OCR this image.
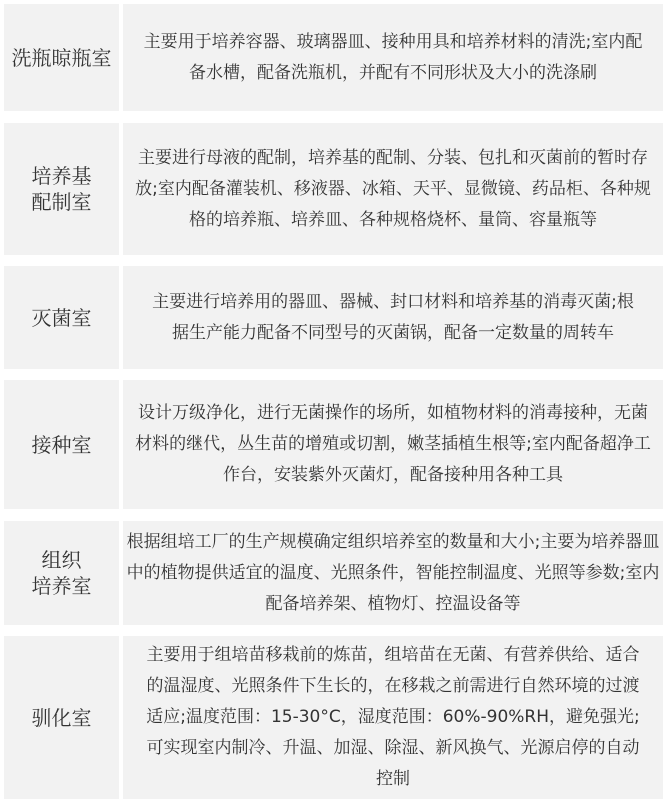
洗瓶晾瓶室
主要用于培养容器、玻璃器皿、接种用具和培养材料的清洗;室内配备水槽，配备洗瓶机，并配有不同形状及大小的洗涤刷
培养基
配制室
主要进行母液的配制，培养基的配制、分装、包扎和灭菌前的暂时存放;室内配备灌装机、移液器、冰箱、天平、显微镜、药品柜、各种规格的培养瓶、培养皿、各种规格烧杯、量筒、容量瓶等
灭菌室
主要进行培养用的器皿、器械、封口材料和培养基的消毒灭菌;根据生产能力配备不同型号的灭菌锅，配备一定数量的周转车
接种室
设计万级净化，进行无菌操作的场所，如植物材料的消毒接种，无菌材料的继代，丛生苗的增殖或切割，嫩茎插植生根等;室内配备超净工作台，安装紫外灭菌灯，配备接种用各种工具
组织
培养室
根据组培工厂的生产规模确定组织培养室的数量和大小;主要为培养器皿中的植物提供适宜的温度、光照条件，智能控制温度、光照等参数;室内配备培养架、植物灯、控温设备等
驯化室
主要用于组培苗移栽前的炼苗，组培苗在无菌、有营养供给、适合的温湿度、光照条件下生长的，在移栽之前需进行自然环境的过渡适应;温度范围：15-30°C，湿度范围：60%-90%RH，避免强光;可实现室内制冷、升温、加湿、除湿、新风换气、光源启停的自动控制
